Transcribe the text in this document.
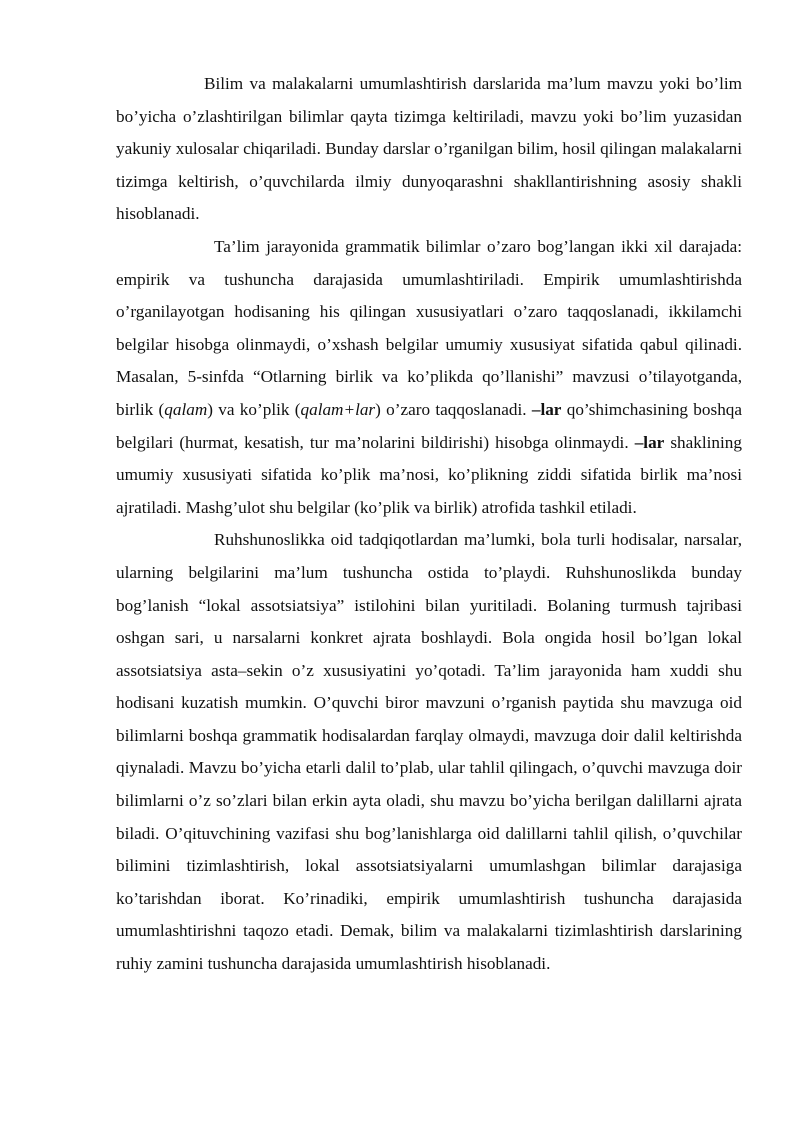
Bilim va malakalarni umumlashtirish darslarida ma’lum mavzu yoki bo’lim bo’yicha o’zlashtirilgan bilimlar qayta tizimga keltiriladi, mavzu yoki bo’lim yuzasidan yakuniy xulosalar chiqariladi. Bunday darslar o’rganilgan bilim, hosil qilingan malakalarni tizimga keltirish, o’quvchilarda ilmiy dunyoqarashni shakllantirishning asosiy shakli hisoblanadi.

Ta’lim jarayonida grammatik bilimlar o’zaro bog’langan ikki xil darajada: empirik va tushuncha darajasida umumlashtiriladi. Empirik umumlashtirishda o’rganilayotgan hodisaning his qilingan xususiyatlari o’zaro taqqoslanadi, ikkilamchi belgilar hisobga olinmaydi, o’xshash belgilar umumiy xususiyat sifatida qabul qilinadi. Masalan, 5-sinfda “Otlarning birlik va ko’plikda qo’llanishi” mavzusi o’tilayotganda, birlik (qalam) va ko’plik (qalam+lar) o’zaro taqqoslanadi. –lar qo’shimchasining boshqa belgilari (hurmat, kesatish, tur ma’nolarini bildirishi) hisobga olinmaydi. –lar shaklining umumiy xususiyati sifatida ko’plik ma’nosi, ko’plikning ziddi sifatida birlik ma’nosi ajratiladi. Mashg’ulot shu belgilar (ko’plik va birlik) atrofida tashkil etiladi.

Ruhshunoslikka oid tadqiqotlardan ma’lumki, bola turli hodisalar, narsalar, ularning belgilarini ma’lum tushuncha ostida to’playdi. Ruhshunoslikda bunday bog’lanish “lokal assotsiatsiya” istilohini bilan yuritiladi. Bolaning turmush tajribasi oshgan sari, u narsalarni konkret ajrata boshlaydi. Bola ongida hosil bo’lgan lokal assotsiatsiya asta–sekin o’z xususiyatini yo’qotadi. Ta’lim jarayonida ham xuddi shu hodisani kuzatish mumkin. O’quvchi biror mavzuni o’rganish paytida shu mavzuga oid bilimlarni boshqa grammatik hodisalardan farqlay olmaydi, mavzuga doir dalil keltirishda qiynaladi. Mavzu bo’yicha etarli dalil to’plab, ular tahlil qilingach, o’quvchi mavzuga doir bilimlarni o’z so’zlari bilan erkin ayta oladi, shu mavzu bo’yicha berilgan dalillarni ajrata biladi. O’qituvchining vazifasi shu bog’lanishlarga oid dalillarni tahlil qilish, o’quvchilar bilimini tizimlashtirish, lokal assotsiatsiyalarni umumlashgan bilimlar darajasiga ko’tarishdan iborat. Ko’rinadiki, empirik umumlashtirish tushuncha darajasida umumlashtirishni taqozo etadi. Demak, bilim va malakalarni tizimlashtirish darslarining ruhiy zamini tushuncha darajasida umumlashtirish hisoblanadi.
